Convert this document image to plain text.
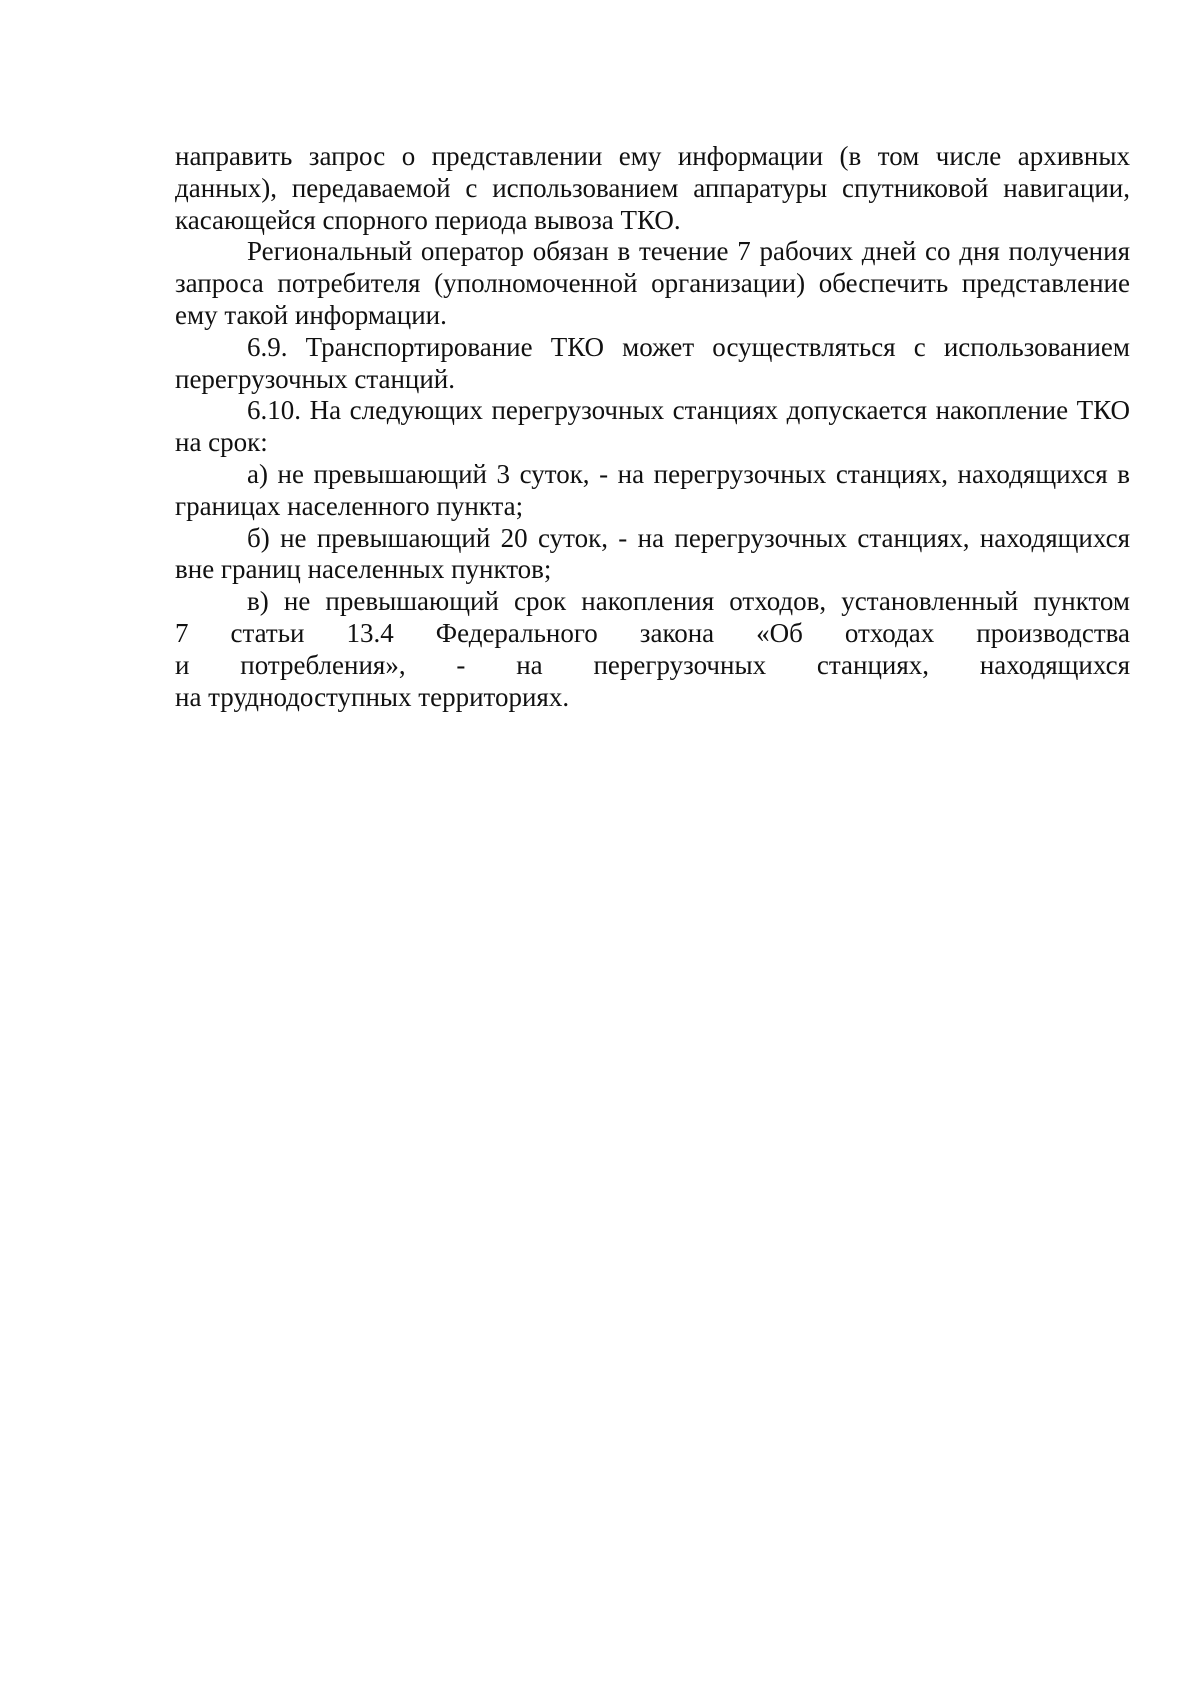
направить запрос о представлении ему информации (в том числе архивных данных), передаваемой с использованием аппаратуры спутниковой навигации, касающейся спорного периода вывоза ТКО.

Региональный оператор обязан в течение 7 рабочих дней со дня получения запроса потребителя (уполномоченной организации) обеспечить представление ему такой информации.

6.9. Транспортирование ТКО может осуществляться с использованием перегрузочных станций.

6.10. На следующих перегрузочных станциях допускается накопление ТКО на срок:

а) не превышающий 3 суток, - на перегрузочных станциях, находящихся в границах населенного пункта;

б) не превышающий 20 суток, - на перегрузочных станциях, находящихся вне границ населенных пунктов;

в) не превышающий срок накопления отходов, установленный пунктом
7 статьи 13.4 Федерального закона «Об отходах производства
и потребления», - на перегрузочных станциях, находящихся
на труднодоступных территориях.
